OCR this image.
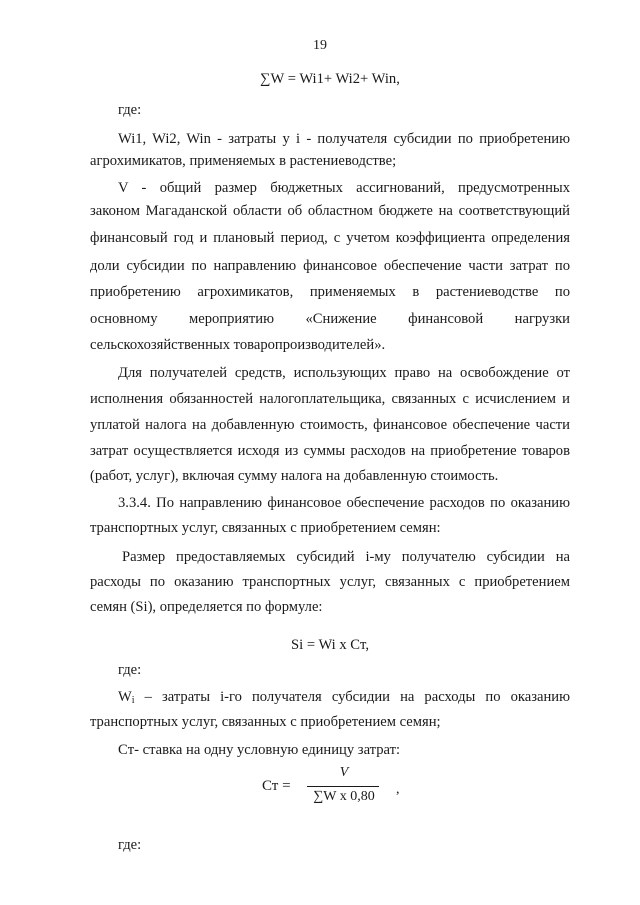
19
∑W = Wi1+ Wi2+ Win,
где:
Wi1, Wi2, Win - затраты у i - получателя субсидии по приобретению
агрохимикатов, применяемых в растениеводстве;
V - общий размер бюджетных ассигнований, предусмотренных
законом Магаданской области об областном бюджете на соответствующий
финансовый год и плановый период, с учетом коэффициента определения
доли субсидии по направлению финансовое обеспечение части затрат по
приобретению агрохимикатов, применяемых в растениеводстве по
основному мероприятию «Снижение финансовой нагрузки
сельскохозяйственных товаропроизводителей».
Для получателей средств, использующих право на освобождение от
исполнения обязанностей налогоплательщика, связанных с исчислением и
уплатой налога на добавленную стоимость, финансовое обеспечение части
затрат осуществляется исходя из суммы расходов на приобретение товаров
(работ, услуг), включая сумму налога на добавленную стоимость.
3.3.4. По направлению финансовое обеспечение расходов по оказанию
транспортных услуг, связанных с приобретением семян:
Размер предоставляемых субсидий i-му получателю субсидии на
расходы по оказанию транспортных услуг, связанных с приобретением
семян (Si), определяется по формуле:
Si = Wi x Cт,
где:
$W_i$ – затраты i-го получателя субсидии на расходы по оказанию
транспортных услуг, связанных с приобретением семян;
Cт- ставка на одну условную единицу затрат:
Ст =
V
∑W x 0,80	,
где:
